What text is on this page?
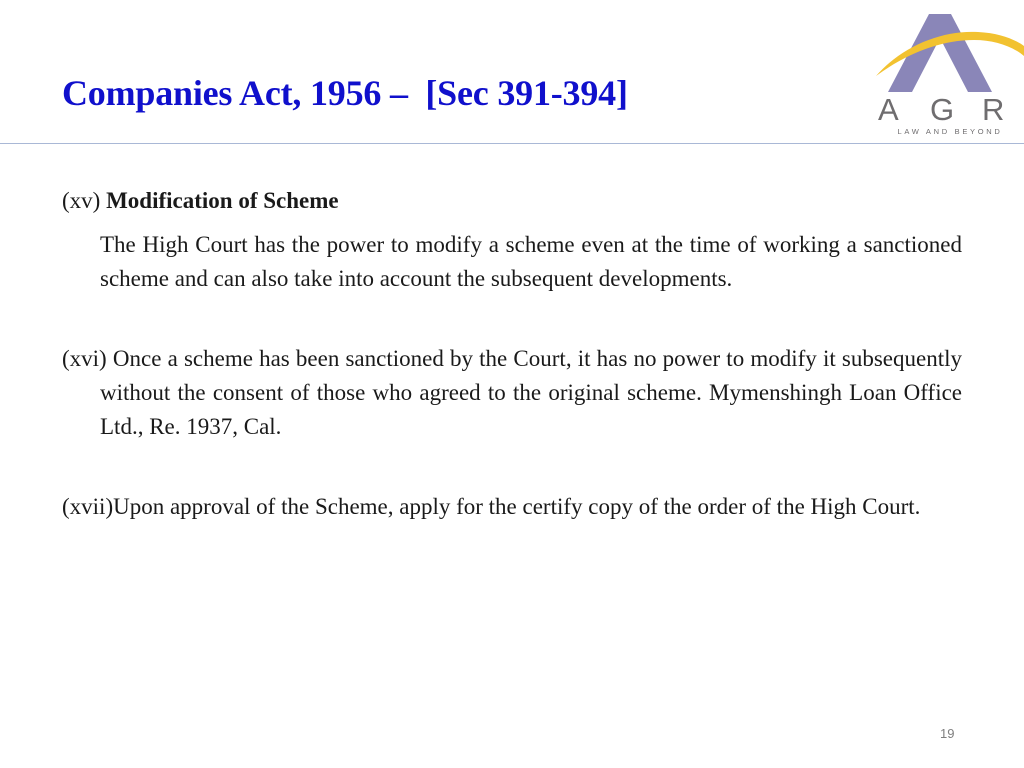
Companies Act, 1956 –  [Sec 391-394]	A G R
LAW AND BEYOND

(xv) Modification of Scheme

The High Court has the power to modify a scheme even at the time of working a sanctioned scheme and can also take into account the subsequent developments.

(xvi) Once a scheme has been sanctioned by the Court, it has no power to modify it subsequently without the consent of those who agreed to the original scheme. Mymenshingh Loan Office Ltd., Re. 1937, Cal.

(xvii)Upon approval of the Scheme, apply for the certify copy of the order of the High Court.

19
